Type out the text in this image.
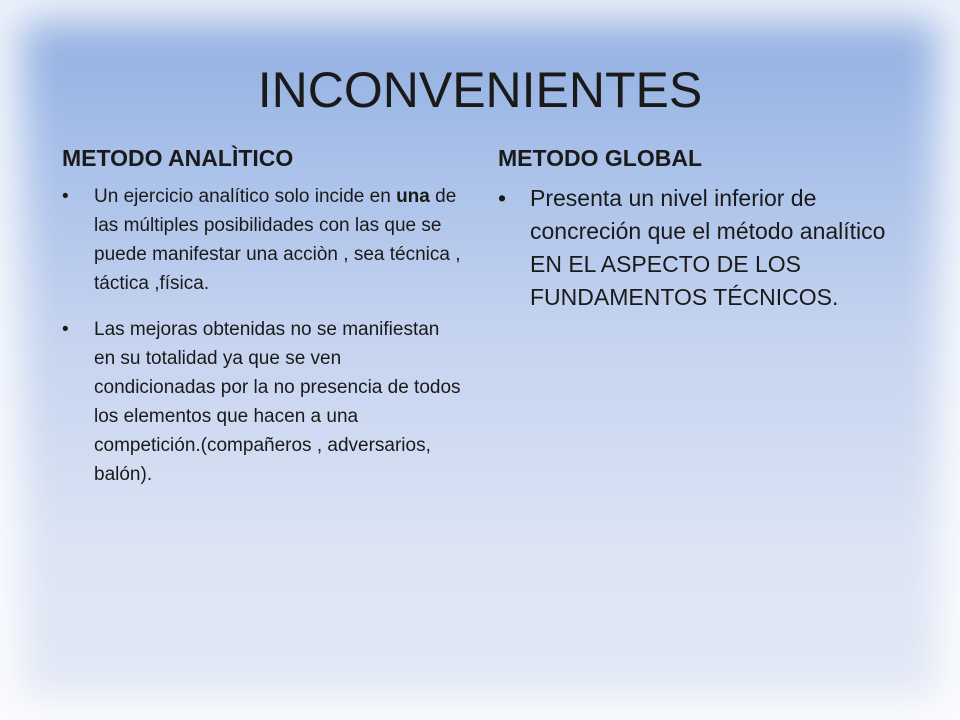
INCONVENIENTES
METODO ANALÌTICO
• Un ejercicio analítico solo incide en una de las múltiples posibilidades con las que se puede manifestar una acciòn , sea técnica , táctica ,física.
• Las mejoras obtenidas no se manifiestan en su totalidad ya que se ven condicionadas por la no presencia de todos los elementos que hacen a una competición.(compañeros , adversarios, balón).
METODO GLOBAL
• Presenta un nivel inferior de concreción que el método analítico EN EL ASPECTO DE LOS FUNDAMENTOS TÉCNICOS.
